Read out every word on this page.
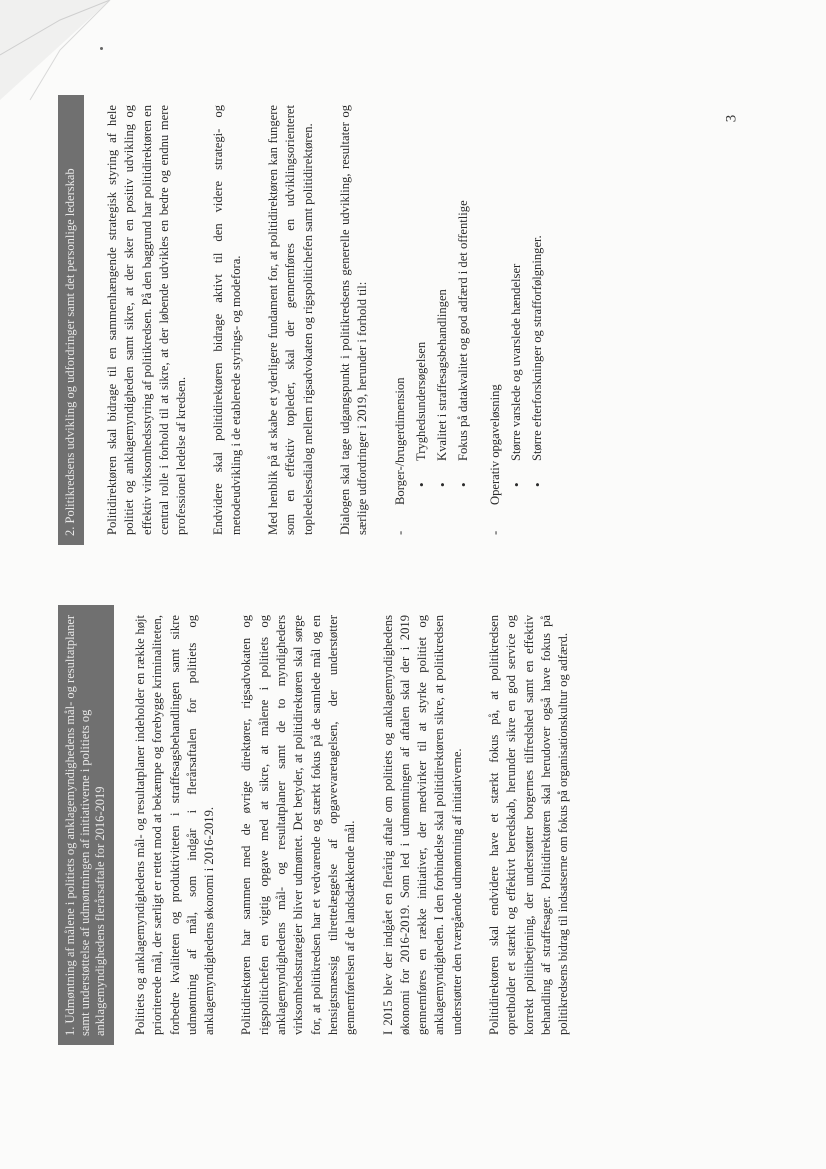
3
1. Udmøntning af målene i politiets og anklagemyndighedens mål- og resultatplaner samt understøttelse af udmøntningen af initiativerne i politiets og anklagemyndighedens flerårsaftale for 2016-2019	Politiets og anklagemyndighedens mål- og resultatplaner indeholder en række højt prioriterede mål, der særligt er rettet mod at bekæmpe og forebygge kriminaliteten, forbedre kvaliteten og produktiviteten i straffesagsbehandlingen samt sikre udmøntning af mål, som indgår i flerårsaftalen for politiets og anklagemyndighedens økonomi i 2016-2019. Politidirektøren har sammen med de øvrige direktører, rigsadvokaten og rigspolitichefen en vigtig opgave med at sikre, at målene i politiets og anklagemyndighedens mål- og resultatplaner samt de to myndigheders virksomhedsstrategier bliver udmøntet. Det betyder, at politidirektøren skal sørge for, at politikredsen har et vedvarende og stærkt fokus på de samlede mål og en hensigtsmæssig tilrettelæggelse af opgavevaretagelsen, der understøtter gennemførelsen af de landsdækkende mål. I 2015 blev der indgået en flerårig aftale om politiets og anklagemyndighedens økonomi for 2016-2019. Som led i udmøntningen af aftalen skal der i 2019 gennemføres en række initiativer, der medvirker til at styrke politiet og anklagemyndigheden. I den forbindelse skal politidirektøren sikre, at politikredsen understøtter den tværgående udmøntning af initiativerne. Politidirektøren skal endvidere have et stærkt fokus på, at politikredsen opretholder et stærkt og effektivt beredskab, herunder sikre en god service og korrekt politibetjening, der understøtter borgernes tilfredshed samt en effektiv behandling af straffesager. Politidirektøren skal herudover også have fokus på politikredsens bidrag til indsatserne om fokus på organisationskultur og adfærd.

2. Politikredsens udvikling og udfordringer samt det personlige lederskab	Politidirektøren skal bidrage til en sammenhængende strategisk styring af hele politiet og anklagemyndigheden samt sikre, at der sker en positiv udvikling og effektiv virksomhedsstyring af politikredsen. På den baggrund har politidirektøren en central rolle i forhold til at sikre, at der løbende udvikles en bedre og endnu mere professionel ledelse af kredsen. Endvidere skal politidirektøren bidrage aktivt til den videre strategi- og metodeudvikling i de etablerede styrings- og modefora. Med henblik på at skabe et yderligere fundament for, at politidirektøren kan fungere som en effektiv topleder, skal der gennemføres en udviklingsorienteret topledelsesdialog mellem rigsadvokaten og rigspolitichefen samt politidirektøren. Dialogen skal tage udgangspunkt i politikredsens generelle udvikling, resultater og særlige udfordringer i 2019, herunder i forhold til: - Borger-/brugerdimension • Tryghedsundersøgelsen • Kvalitet i straffesagsbehandlingen • Fokus på datakvalitet og god adfærd i det offentlige - Operativ opgaveløsning • Større varslede og uvarslede hændelser • Større efterforskninger og strafforfølgninger.
